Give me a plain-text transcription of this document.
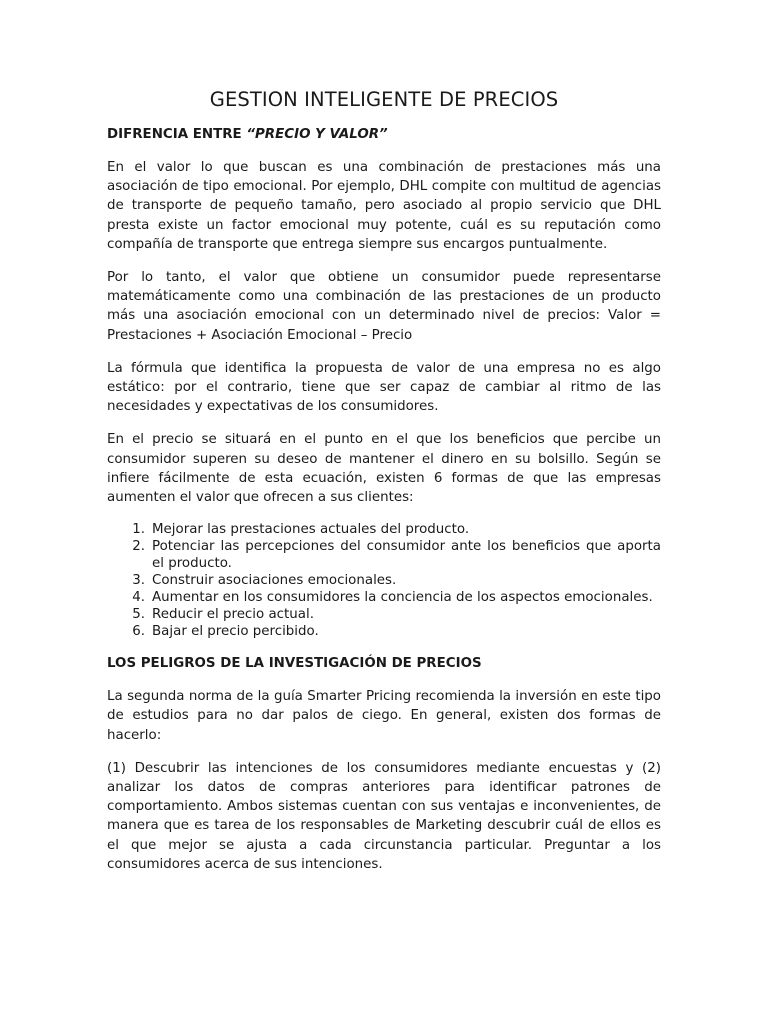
GESTION INTELIGENTE DE PRECIOS
DIFRENCIA ENTRE “PRECIO Y VALOR”

En el valor lo que buscan es una combinación de prestaciones más una asociación de tipo emocional. Por ejemplo, DHL compite con multitud de agencias de transporte de pequeño tamaño, pero asociado al propio servicio que DHL presta existe un factor emocional muy potente, cuál es su reputación como compañía de transporte que entrega siempre sus encargos puntualmente.

Por lo tanto, el valor que obtiene un consumidor puede representarse matemáticamente como una combinación de las prestaciones de un producto más una asociación emocional con un determinado nivel de precios: Valor = Prestaciones + Asociación Emocional – Precio

La fórmula que identifica la propuesta de valor de una empresa no es algo estático: por el contrario, tiene que ser capaz de cambiar al ritmo de las necesidades y expectativas de los consumidores.

En el precio se situará en el punto en el que los beneficios que percibe un consumidor superen su deseo de mantener el dinero en su bolsillo. Según se infiere fácilmente de esta ecuación, existen 6 formas de que las empresas aumenten el valor que ofrecen a sus clientes:

1. Mejorar las prestaciones actuales del producto.
2. Potenciar las percepciones del consumidor ante los beneficios que aporta el producto.
3. Construir asociaciones emocionales.
4. Aumentar en los consumidores la conciencia de los aspectos emocionales.
5. Reducir el precio actual.
6. Bajar el precio percibido.
LOS PELIGROS DE LA INVESTIGACIÓN DE PRECIOS

La segunda norma de la guía Smarter Pricing recomienda la inversión en este tipo de estudios para no dar palos de ciego. En general, existen dos formas de hacerlo:

(1) Descubrir las intenciones de los consumidores mediante encuestas y (2) analizar los datos de compras anteriores para identificar patrones de comportamiento. Ambos sistemas cuentan con sus ventajas e inconvenientes, de manera que es tarea de los responsables de Marketing descubrir cuál de ellos es el que mejor se ajusta a cada circunstancia particular. Preguntar a los consumidores acerca de sus intenciones.
